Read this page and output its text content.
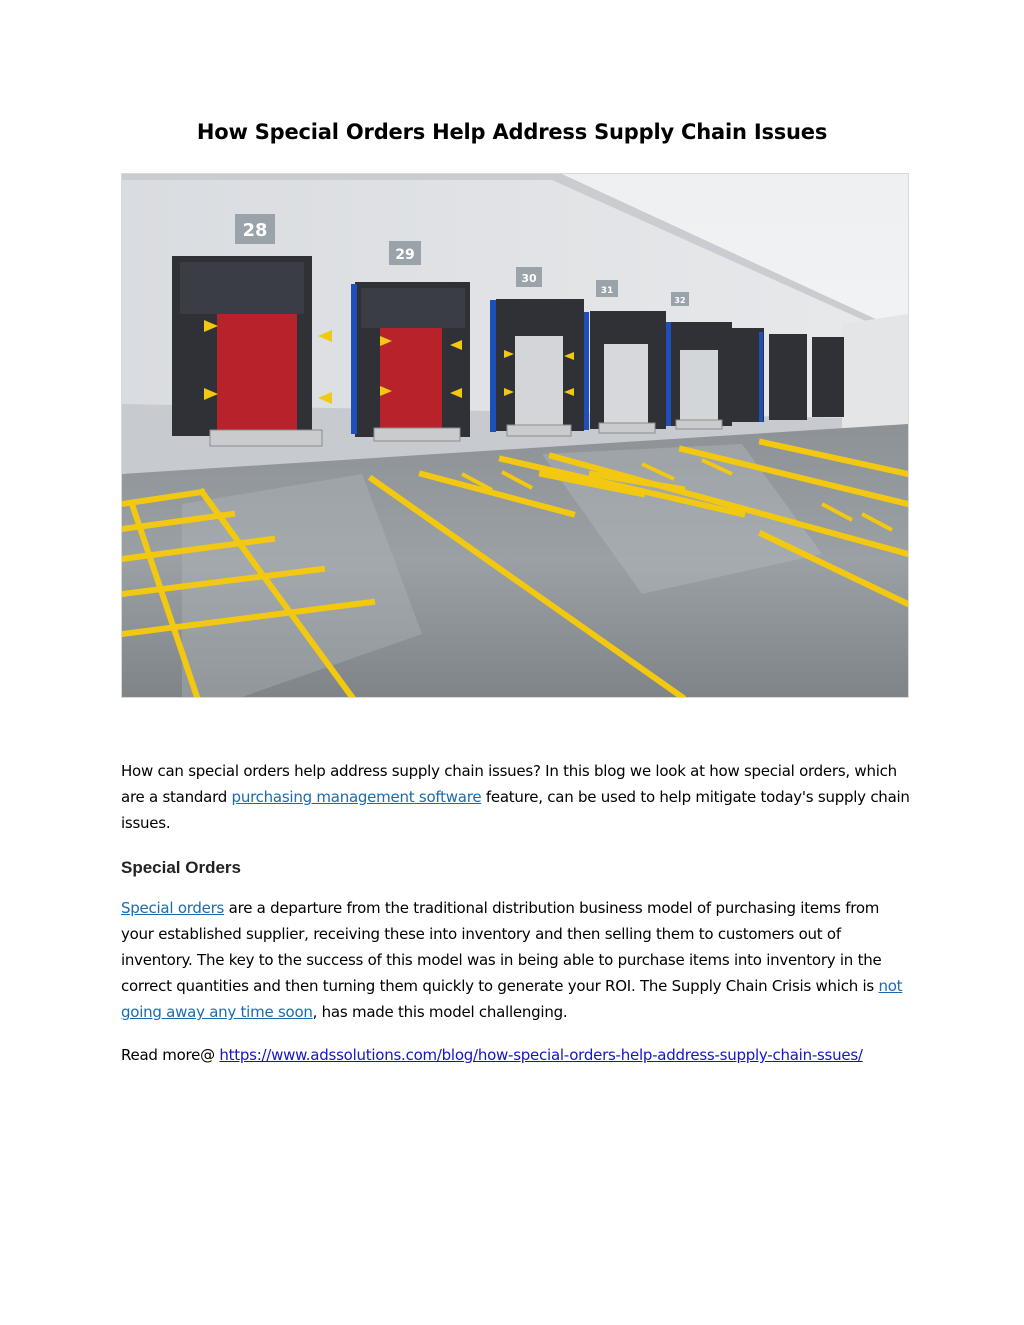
How Special Orders Help Address Supply Chain Issues
28
29
30
31
32
How can special orders help address supply chain issues? In this blog we look at how special orders, which are a standard purchasing management software feature, can be used to help mitigate today's supply chain issues.
Special Orders
Special orders are a departure from the traditional distribution business model of purchasing items from your established supplier, receiving these into inventory and then selling them to customers out of inventory. The key to the success of this model was in being able to purchase items into inventory in the correct quantities and then turning them quickly to generate your ROI. The Supply Chain Crisis which is not going away any time soon, has made this model challenging.
Read more@ https://www.adssolutions.com/blog/how-special-orders-help-address-supply-chain-ssues/
